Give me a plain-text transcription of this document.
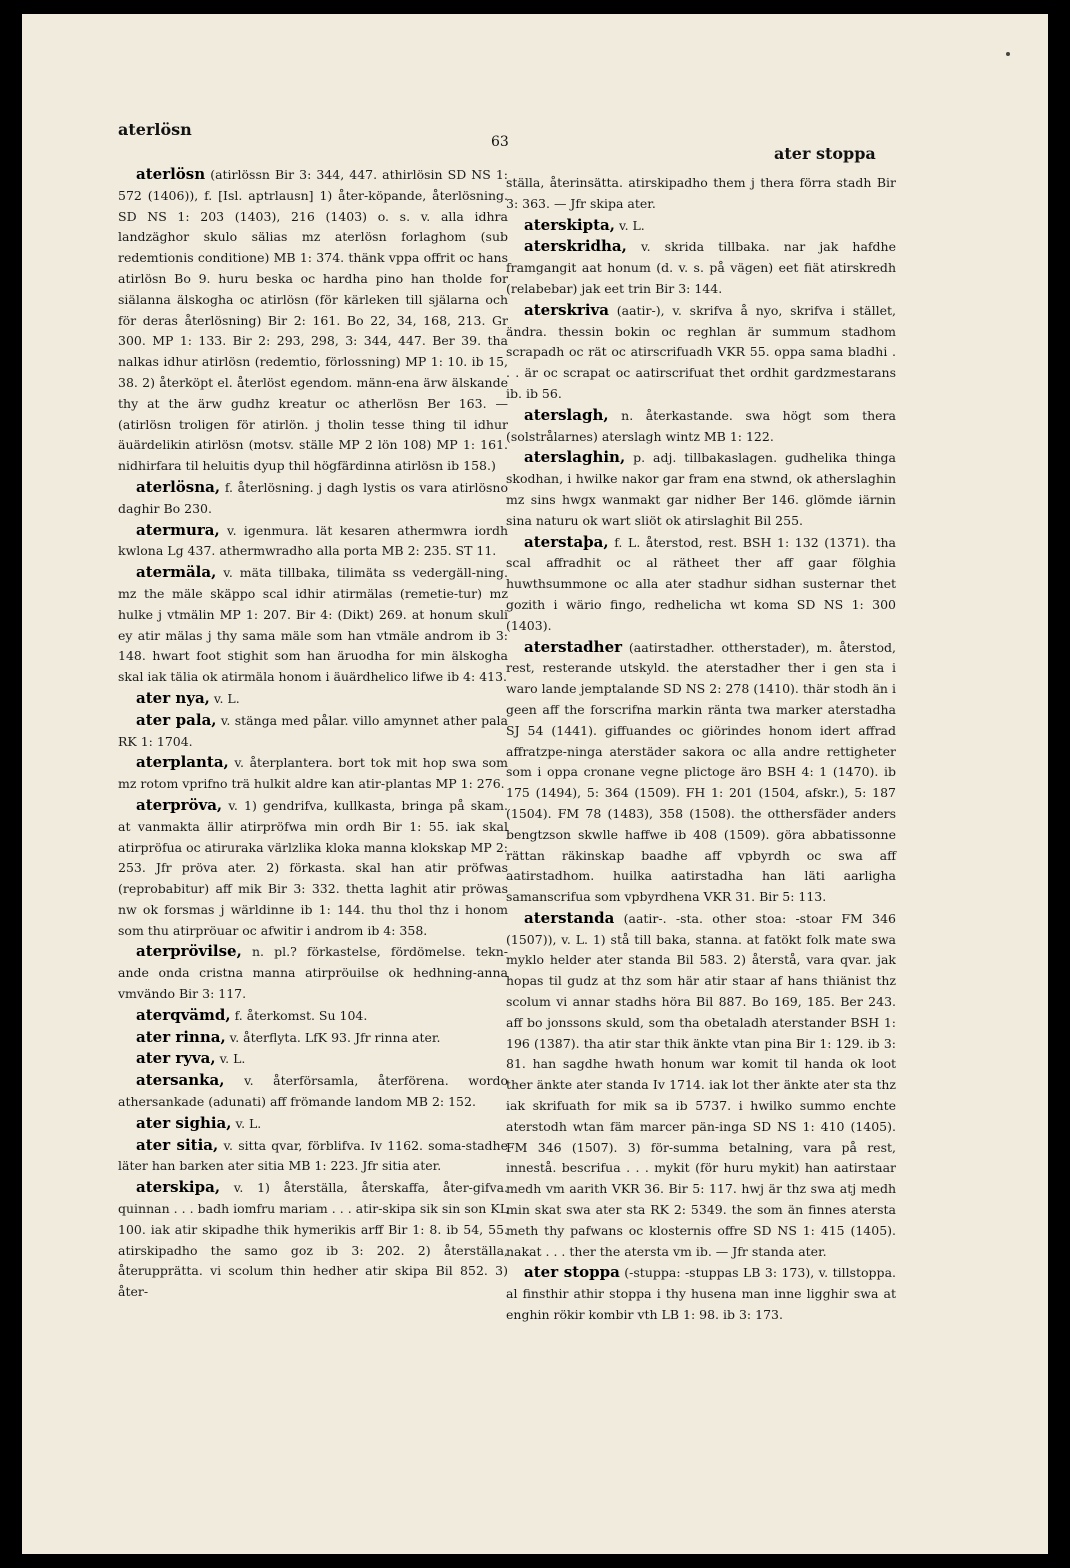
aterlösn
63
ater stoppa

aterlösn (atirlössn Bir 3: 344, 447. athirlösin SD NS 1: 572 (1406)), f. [Isl. aptrlausn] 1) åter-köpande, återlösning. SD NS 1: 203 (1403), 216 (1403) o. s. v. alla idhra landzäghor skulo sälias mz aterlösn forlaghom (sub redemtionis conditione) MB 1: 374. thänk vppa offrit oc hans atirlösn Bo 9. huru beska oc hardha pino han tholde for siälanna älskogha oc atirlösn (för kärleken till själarna och för deras återlösning) Bir 2: 161. Bo 22, 34, 168, 213. Gr 300. MP 1: 133. Bir 2: 293, 298, 3: 344, 447. Ber 39. tha nalkas idhur atirlösn (redemtio, förlossning) MP 1: 10. ib 15, 38. 2) återköpt el. återlöst egendom. männ-enа ärw älskande thy at the ärw gudhz kreatur oc atherlösn Ber 163. — (atirlösn troligen för atirlön. j tholin tesse thing til idhur äuärdelikin atirlösn (motsv. ställe MP 2 lön 108) MP 1: 161. nidhirfara til heluitis dyup thil högfärdinna atirlösn ib 158.)

aterlösna, f. återlösning. j dagh lystis os vara atirlösno daghir Bo 230.

atermura, v. igenmura. lät kesaren athermwra iordh kwlona Lg 437. athermwradho alla porta MB 2: 235. ST 11.

atermäla, v. mäta tillbaka, tilimäta ss vedergäll-ning. mz the mäle skäppo scal idhir atirmälas (remetie-tur) mz hulke j vtmälin MP 1: 207. Bir 4: (Dikt) 269. at honum skuli ey atir mälas j thy sama mäle som han vtmäle androm ib 3: 148. hwart foot stighit som han äruodha for min älskogha skal iak tälia ok atirmäla honom i äuärdhelico lifwe ib 4: 413.

ater nya, v. L.

ater pala, v. stänga med pålar. villo amynnet ather pala RK 1: 1704.

aterplanta, v. återplantera. bort tok mit hop swa som mz rotom vprifno trä hulkit aldre kan atir-plantas MP 1: 276.

aterpröva, v. 1) gendrifva, kullkasta, bringa på skam. at vanmakta ällir atirpröfwa min ordh Bir 1: 55. iak skal atirpröfua oc atiruraka värlzlika kloka manna klokskap MP 2: 253. Jfr pröva ater. 2) förkasta. skal han atir pröfwas (reprobabitur) aff mik Bir 3: 332. thetta laghit atir pröwas nw ok forsmas j wärldinne ib 1: 144. thu thol thz i honom som thu atirpröuar oc afwitir i androm ib 4: 358.

aterprövilse, n. pl.? förkastelse, fördömelse. tekn-ande onda cristna manna atirpröuilse ok hedhning-anna vmvändo Bir 3: 117.

aterqvämd, f. återkomst. Su 104.

ater rinna, v. återflyta. LfK 93. Jfr rinna ater.

ater ryva, v. L.

atersanka, v. återförsamla, återförena. wordo athersankade (adunati) aff frömande landom MB 2: 152.

ater sighia, v. L.

ater sitia, v. sitta qvar, förblifva. Iv 1162. soma-stadhe läter han barken ater sitia MB 1: 223. Jfr sitia ater.

aterskipa, v. 1) återställa, återskaffa, åter-gifva. quinnan . . . badh iomfru mariam . . . atir-skipa sik sin son KL 100. iak atir skipadhe thik hymerikis arff Bir 1: 8. ib 54, 55. atirskipadho the samo goz ib 3: 202. 2) återställa, återupprätta. vi scolum thin hedher atir skipa Bil 852. 3) åter-

ställa, återinsätta. atirskipadho them j thera förra stadh Bir 3: 363. — Jfr skipa ater.

aterskipta, v. L.

aterskridha, v. skrida tillbaka. nar jak hafdhe framgangit aat honum (d. v. s. på vägen) eet fiät atirskredh (relabebar) jak eet trin Bir 3: 144.

aterskriva (aatir-), v. skrifva å nyo, skrifva i stället, ändra. thessin bokin oc reghlan är summum stadhom scrapadh oc rät oc atirscrifuadh VKR 55. oppa sama bladhi . . . är oc scrapat oc aatirscrifuat thet ordhit gardzmestarans ib. ib 56.

aterslagh, n. återkastande. swa högt som thera (solstrålarnes) aterslagh wintz MB 1: 122.

aterslaghin, p. adj. tillbakaslagen. gudhelika thinga skodhan, i hwilke nakor gar fram ena stwnd, ok atherslaghin mz sins hwgx wanmakt gar nidher Ber 146. glömde iärnin sina naturu ok wart sliöt ok atirslaghit Bil 255.

aterstaþa, f. L. återstod, rest. BSH 1: 132 (1371). tha scal affradhit oc al rätheet ther aff gaar fölghia huwthsummone oc alla ater stadhur sidhan susternar thet gozith i wärio fingo, redhelicha wt koma SD NS 1: 300 (1403).

aterstadher (aatirstadher. ottherstader), m. återstod, rest, resterande utskyld. the aterstadher ther i gen sta i waro lande jemptalande SD NS 2: 278 (1410). thär stodh än i geen aff the forscrifna markin ränta twa marker aterstadha SJ 54 (1441). giffuandes oc giörindes honom idert affrad affratzpe-ninga aterstäder sakora oc alla andre rettigheter som i oppa cronane vegne plictoge äro BSH 4: 1 (1470). ib 175 (1494), 5: 364 (1509). FH 1: 201 (1504, afskr.), 5: 187 (1504). FM 78 (1483), 358 (1508). the otthersfäder anders bengtzson skwlle haffwe ib 408 (1509). göra abbatissonne rättan räkinskap baadhe aff vpbyrdh oc swa aff aatirstadhom. huilka aatirstadha han läti aarligha samanscrifua som vpbyrdhena VKR 31. Bir 5: 113.

aterstanda (aatir-. -sta. other stoa: -stoar FM 346 (1507)), v. L. 1) stå till baka, stanna. at fatökt folk mate swa myklo helder ater standa Bil 583. 2) återstå, vara qvar. jak hopas til gudz at thz som här atir staar af hans thiänist thz scolum vi annar stadhs höra Bil 887. Bo 169, 185. Ber 243. aff bo jonssons skuld, som tha obetaladh aterstander BSH 1: 196 (1387). tha atir star thik änkte vtan pina Bir 1: 129. ib 3: 81. han sagdhe hwath honum war komit til handa ok loot ther änkte ater standa Iv 1714. iak lot ther änkte ater sta thz iak skrifuath for mik sa ib 5737. i hwilko summo enchte aterstodh wtan fäm marcer pän-inga SD NS 1: 410 (1405). FM 346 (1507). 3) för-summa betalning, vara på rest, innestå. bescrifua . . . mykit (för huru mykit) han aatirstaar medh vm aarith VKR 36. Bir 5: 117. hwj är thz swa atj medh min skat swa ater sta RK 2: 5349. the som än finnes atersta meth thy pafwans oc klosternis offre SD NS 1: 415 (1405). nakat . . . ther the atersta vm ib. — Jfr standa ater.

ater stoppa (-stuppa: -stuppas LB 3: 173), v. tillstoppa. al finsthir athir stoppa i thy husena man inne ligghir swa at enghin rökir kombir vth LB 1: 98. ib 3: 173.
